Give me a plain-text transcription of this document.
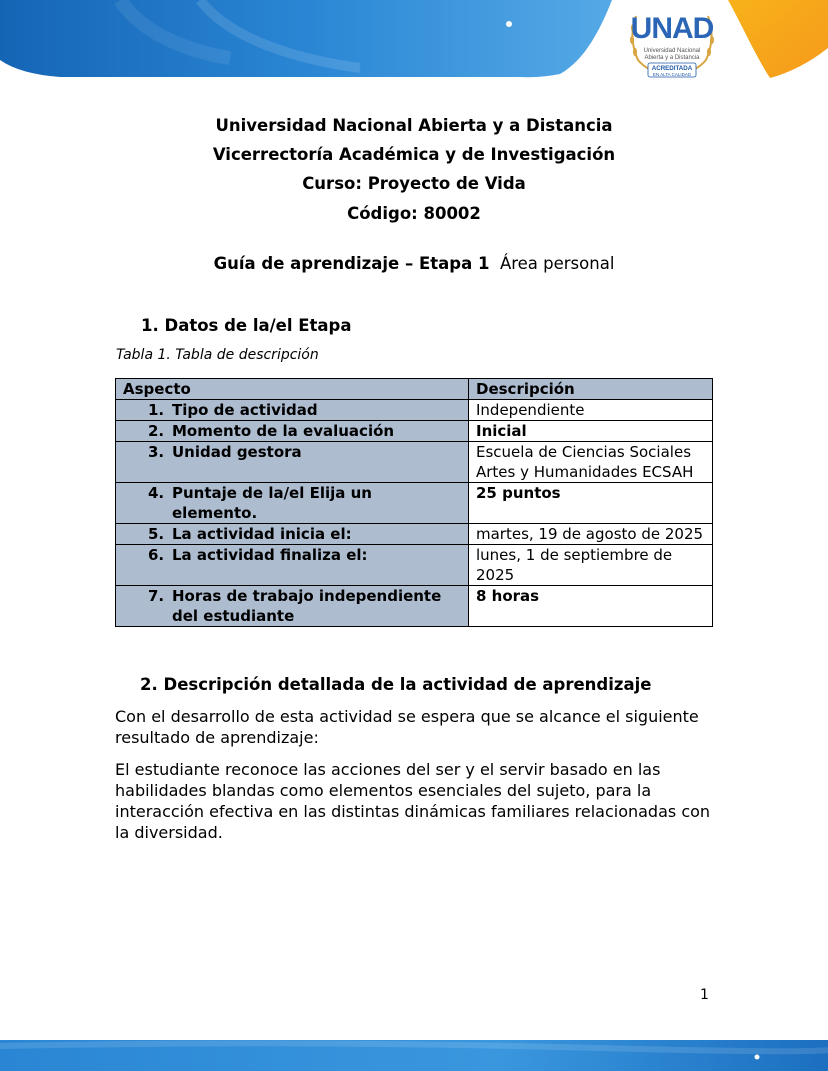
UNAD
Universidad Nacional
Abierta y a Distancia
ACREDITADA
EN ALTA CALIDAD
Universidad Nacional Abierta y a Distancia
Vicerrectoría Académica y de Investigación
Curso: Proyecto de Vida
Código: 80002
Guía de aprendizaje – Etapa 1 Área personal
1. Datos de la/el Etapa
Tabla 1. Tabla de descripción
Aspecto	Descripción
1. Tipo de actividad	Independiente
2. Momento de la evaluación	Inicial
3. Unidad gestora	Escuela de Ciencias Sociales Artes y Humanidades ECSAH

4. Puntaje de la/el Elija un elemento.	25 puntos
5. La actividad inicia el:	martes, 19 de agosto de 2025
6. La actividad finaliza el:	lunes, 1 de septiembre de 2025

7. Horas de trabajo independiente del estudiante	8 horas
2. Descripción detallada de la actividad de aprendizaje

Con el desarrollo de esta actividad se espera que se alcance el siguiente resultado de aprendizaje:

El estudiante reconoce las acciones del ser y el servir basado en las habilidades blandas como elementos esenciales del sujeto, para la interacción efectiva en las distintas dinámicas familiares relacionadas con la diversidad.

1
